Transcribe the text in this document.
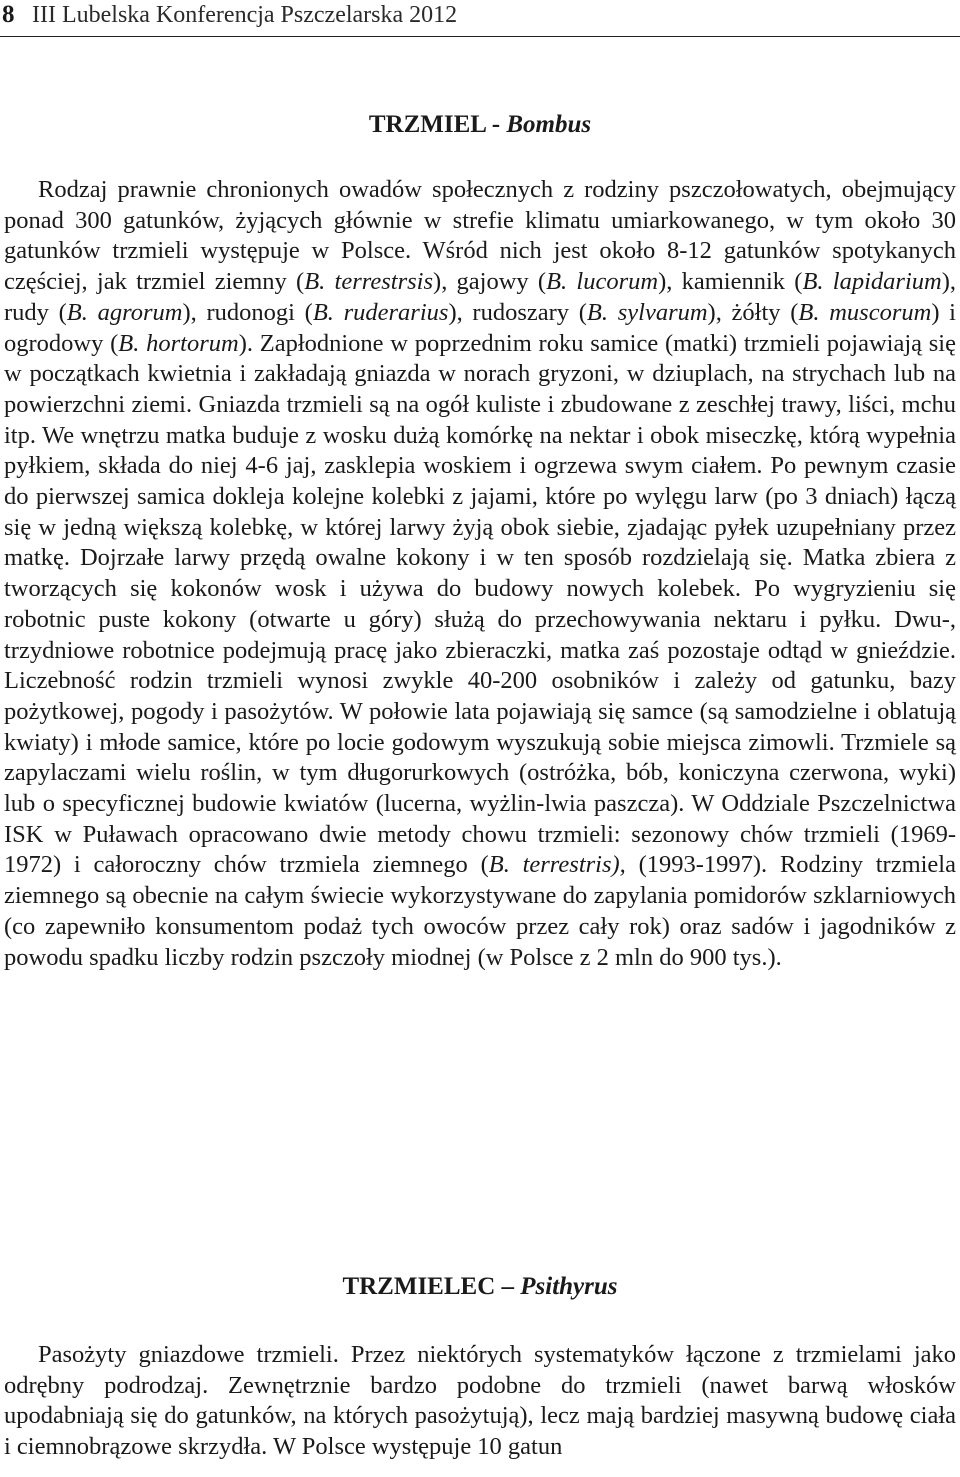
8 III Lubelska Konferencja Pszczelarska 2012
TRZMIEL - Bombus

Rodzaj prawnie chronionych owadów społecznych z rodziny pszczołowatych, obejmujący ponad 300 gatunków, żyjących głównie w strefie klimatu umiarkowanego, w tym około 30 gatunków trzmieli występuje w Polsce. Wśród nich jest około 8-12 gatunków spotykanych częściej, jak trzmiel ziemny (B. terrestrsis), gajowy (B. lucorum), kamiennik (B. lapidarium), rudy (B. agrorum), rudonogi (B. ruderarius), rudoszary (B. sylvarum), żółty (B. muscorum) i ogrodowy (B. hortorum). Zapłodnione w poprzednim roku samice (matki) trzmieli pojawiają się w początkach kwietnia i zakładają gniazda w norach gryzoni, w dziuplach, na strychach lub na powierzchni ziemi. Gniazda trzmieli są na ogół kuliste i zbudowane z zeschłej trawy, liści, mchu itp. We wnętrzu matka buduje z wosku dużą komórkę na nektar i obok miseczkę, którą wypełnia pyłkiem, składa do niej 4-6 jaj, zasklepia woskiem i ogrzewa swym ciałem. Po pewnym czasie do pierwszej samica dokleja kolejne kolebki z jajami, które po wylęgu larw (po 3 dniach) łączą się w jedną większą kolebkę, w której larwy żyją obok siebie, zjadając pyłek uzupełniany przez matkę. Dojrzałe larwy przędą owalne kokony i w ten sposób rozdzielają się. Matka zbiera z tworzących się kokonów wosk i używa do budowy nowych kolebek. Po wygryzieniu się robotnic puste kokony (otwarte u góry) służą do przechowywania nektaru i pyłku. Dwu-, trzydniowe robotnice podejmują pracę jako zbieraczki, matka zaś pozostaje odtąd w gnieździe. Liczebność rodzin trzmieli wynosi zwykle 40-200 osobników i zależy od gatunku, bazy pożytkowej, pogody i pasożytów. W połowie lata pojawiają się samce (są samodzielne i oblatują kwiaty) i młode samice, które po locie godowym wyszukują sobie miejsca zimowli. Trzmiele są zapylaczami wielu roślin, w tym długorurkowych (ostróżka, bób, koniczyna czerwona, wyki) lub o specyficznej budowie kwiatów (lucerna, wyżlin-lwia paszcza). W Oddziale Pszczelnictwa ISK w Puławach opracowano dwie metody chowu trzmieli: sezonowy chów trzmieli (1969-1972) i całoroczny chów trzmiela ziemnego (B. terrestris), (1993-1997). Rodziny trzmiela ziemnego są obecnie na całym świecie wykorzystywane do zapylania pomidorów szklarniowych (co zapewniło konsumentom podaż tych owoców przez cały rok) oraz sadów i jagodników z powodu spadku liczby rodzin pszczoły miodnej (w Polsce z 2 mln do 900 tys.).

TRZMIELEC – Psithyrus

Pasożyty gniazdowe trzmieli. Przez niektórych systematyków łączone z trzmielami jako odrębny podrodzaj. Zewnętrznie bardzo podobne do trzmieli (nawet barwą włosków upodabniają się do gatunków, na których pasożytują), lecz mają bardziej masywną budowę ciała i ciemnobrązowe skrzydła. W Polsce występuje 10 gatun
